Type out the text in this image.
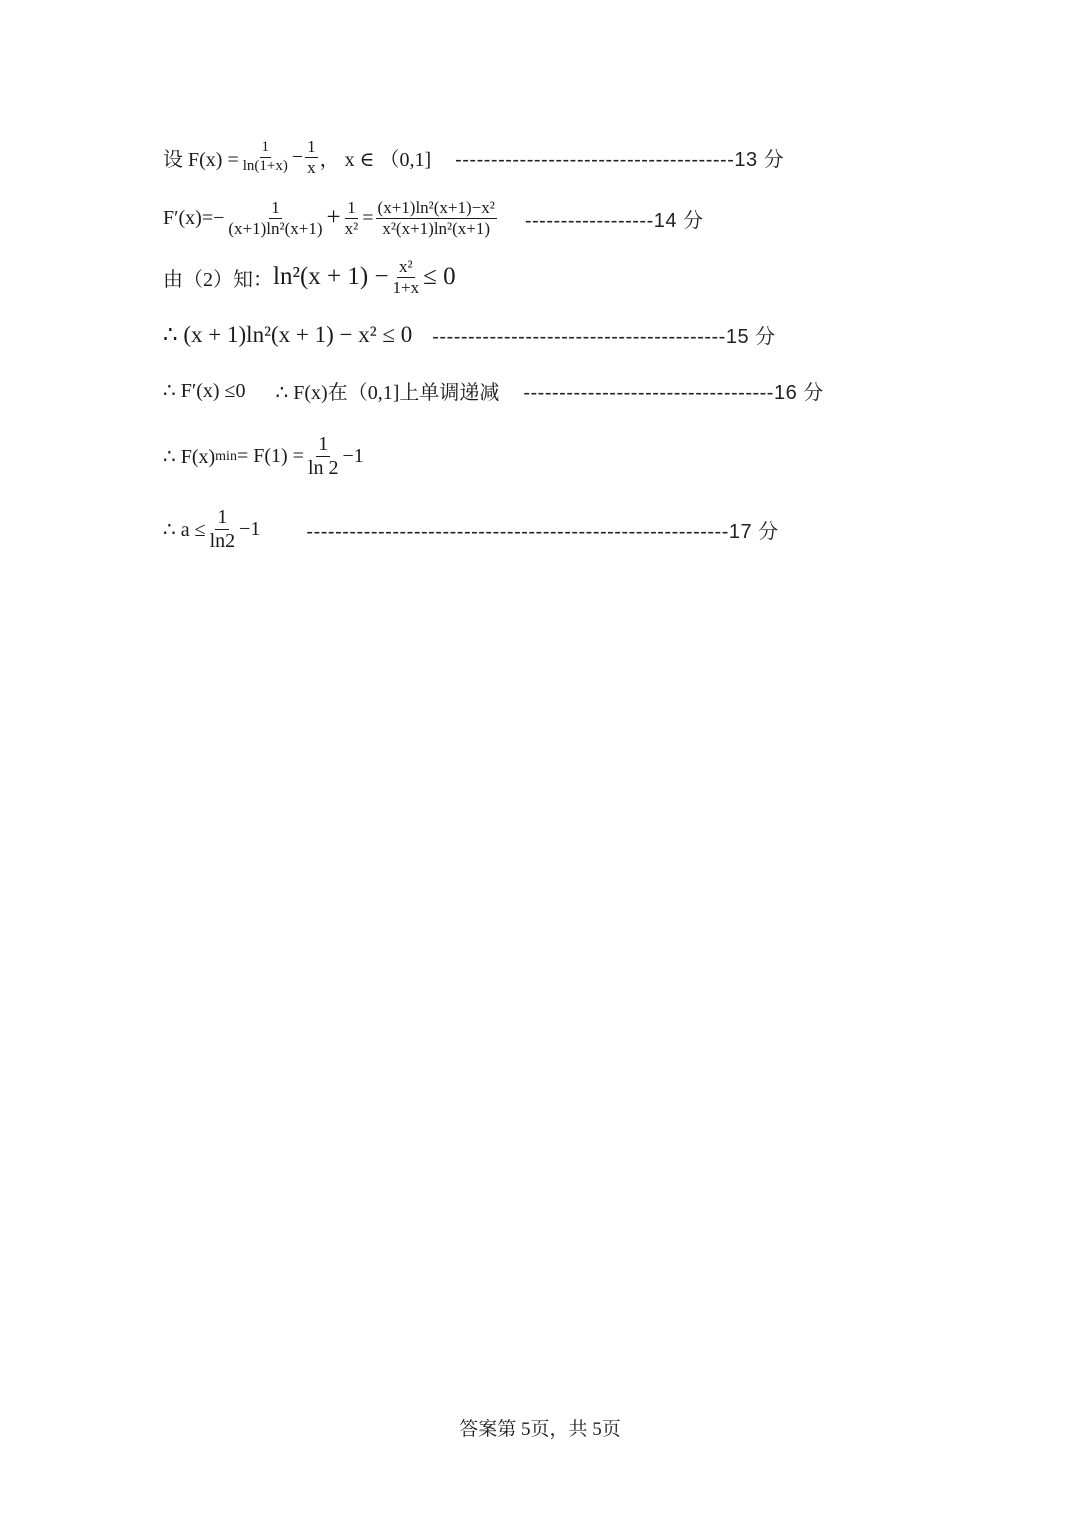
设 $F(x) = \frac{1}{\ln(1+x)} - \frac{1}{x}$ ， x ∈ （0,1] ---------------------------------------13 分
$F'(x)=- \frac{1}{\text{(x+1)ln²(x+1)}} + \frac{1}{\text{x²}} = \frac{\text{(x+1)ln²(x+1)−x²}}{\text{x²(x+1)ln²(x+1)}} ------------------14$ 分
由（2）知： $\ln^2(x + 1) - \frac{\text{x²}}{1+x} \le 0$
∴ (x + 1)ln²(x + 1) − x² ≤ 0 -----------------------------------------15 分
∴ F′(x) ≤0 ∴ F(x)在（0,1]上单调递减 -----------------------------------16 分
∴ F(x) $\min = F(1) = \frac{1}{\ln 2} -1$
∴ $a \le \frac{1}{\ln 2} -1$ -----------------------------------------------------------17 分
答案第 5页，共 5页
